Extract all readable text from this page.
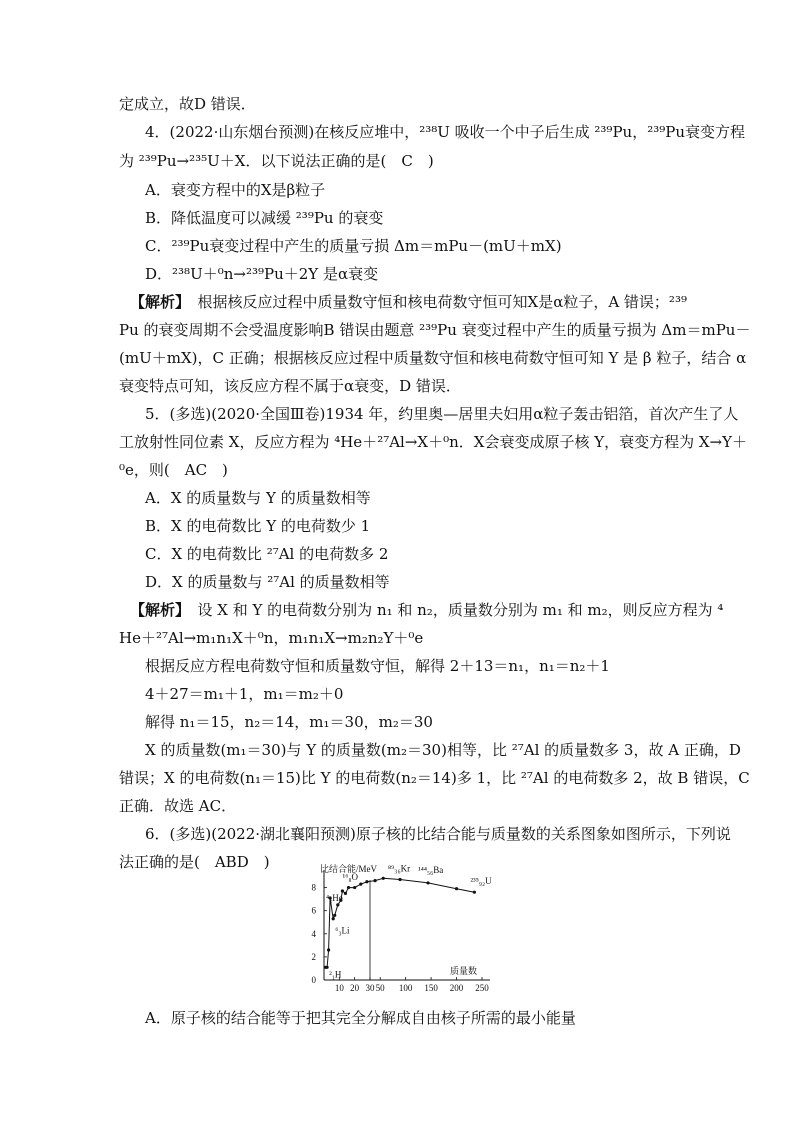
定成立，故D 错误．
4．(2022·山东烟台预测)在核反应堆中，²³⁸U 吸收一个中子后生成 ²³⁹Pu，²³⁹Pu衰变方程
为 ²³⁹Pu→²³⁵U＋X．以下说法正确的是(　C　)
A．衰变方程中的X是β粒子
B．降低温度可以减缓 ²³⁹Pu 的衰变
C．²³⁹Pu衰变过程中产生的质量亏损 Δm＝mPu－(mU＋mX)
D．²³⁸U＋⁰n→²³⁹Pu＋2Y 是α衰变
【解析】　根据核反应过程中质量数守恒和核电荷数守恒可知X是α粒子，A 错误；²³⁹
Pu 的衰变周期不会受温度影响B 错误由题意 ²³⁹Pu 衰变过程中产生的质量亏损为 Δm＝mPu－
(mU＋mX)，C 正确；根据核反应过程中质量数守恒和核电荷数守恒可知 Y 是 β 粒子，结合 α
衰变特点可知，该反应方程不属于α衰变，D 错误．
5．(多选)(2020·全国Ⅲ卷)1934 年，约里奥—居里夫妇用α粒子轰击铝箔，首次产生了人
工放射性同位素 X，反应方程为 ⁴He＋²⁷Al→X＋⁰n．X会衰变成原子核 Y，衰变方程为 X→Y＋
⁰e，则(　AC　)
A．X 的质量数与 Y 的质量数相等
B．X 的电荷数比 Y 的电荷数少 1
C．X 的电荷数比 ²⁷Al 的电荷数多 2
D．X 的质量数与 ²⁷Al 的质量数相等
【解析】　设 X 和 Y 的电荷数分别为 n₁ 和 n₂，质量数分别为 m₁ 和 m₂，则反应方程为 ⁴
He＋²⁷Al→m₁n₁X＋⁰n，m₁n₁X→m₂n₂Y＋⁰e
根据反应方程电荷数守恒和质量数守恒，解得 2＋13＝n₁，n₁＝n₂＋1
4＋27＝m₁＋1，m₁＝m₂＋0
解得 n₁＝15，n₂＝14，m₁＝30，m₂＝30
X 的质量数(m₁＝30)与 Y 的质量数(m₂＝30)相等，比 ²⁷Al 的质量数多 3，故 A 正确，D
错误；X 的电荷数(n₁＝15)比 Y 的电荷数(n₂＝14)多 1，比 ²⁷Al 的电荷数多 2，故 B 错误，C
正确．故选 AC．
6．(多选)(2022·湖北襄阳预测)原子核的比结合能与质量数的关系图象如图所示，下列说
法正确的是(　ABD　)	比结合能/MeV
质量数
0
2
4
6
8
10 20 30 50 100 150 200 250
²₁H
⁴₂He
⁶₃Li
¹⁶₈O
⁸⁹₃₆Kr ¹⁴⁴₅₆Ba
²³⁵₉₂U
A．原子核的结合能等于把其完全分解成自由核子所需的最小能量
